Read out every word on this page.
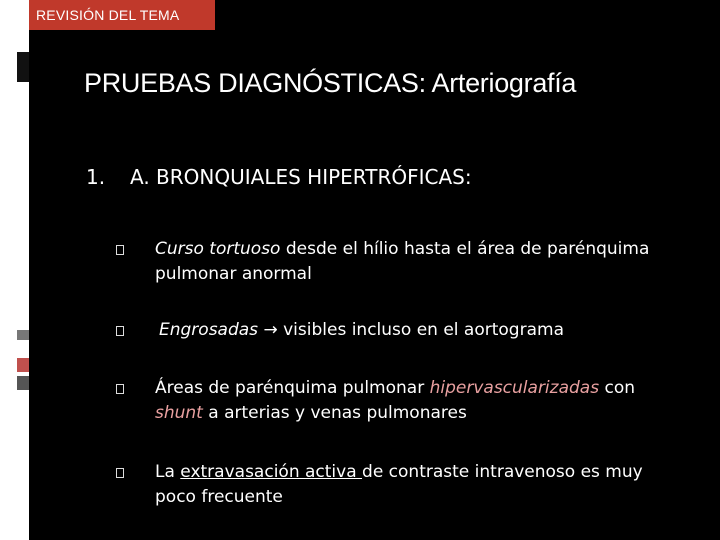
REVISIÓN DEL TEMA
PRUEBAS DIAGNÓSTICAS: Arteriografía
1. A. BRONQUIALES HIPERTRÓFICAS:
Curso tortuoso desde el hílio hasta el área de parénquima pulmonar anormal
Engrosadas → visibles incluso en el aortograma
Áreas de parénquima pulmonar hipervascularizadas con shunt a arterias y venas pulmonares
La extravasación activa de contraste intravenoso es muy poco frecuente
